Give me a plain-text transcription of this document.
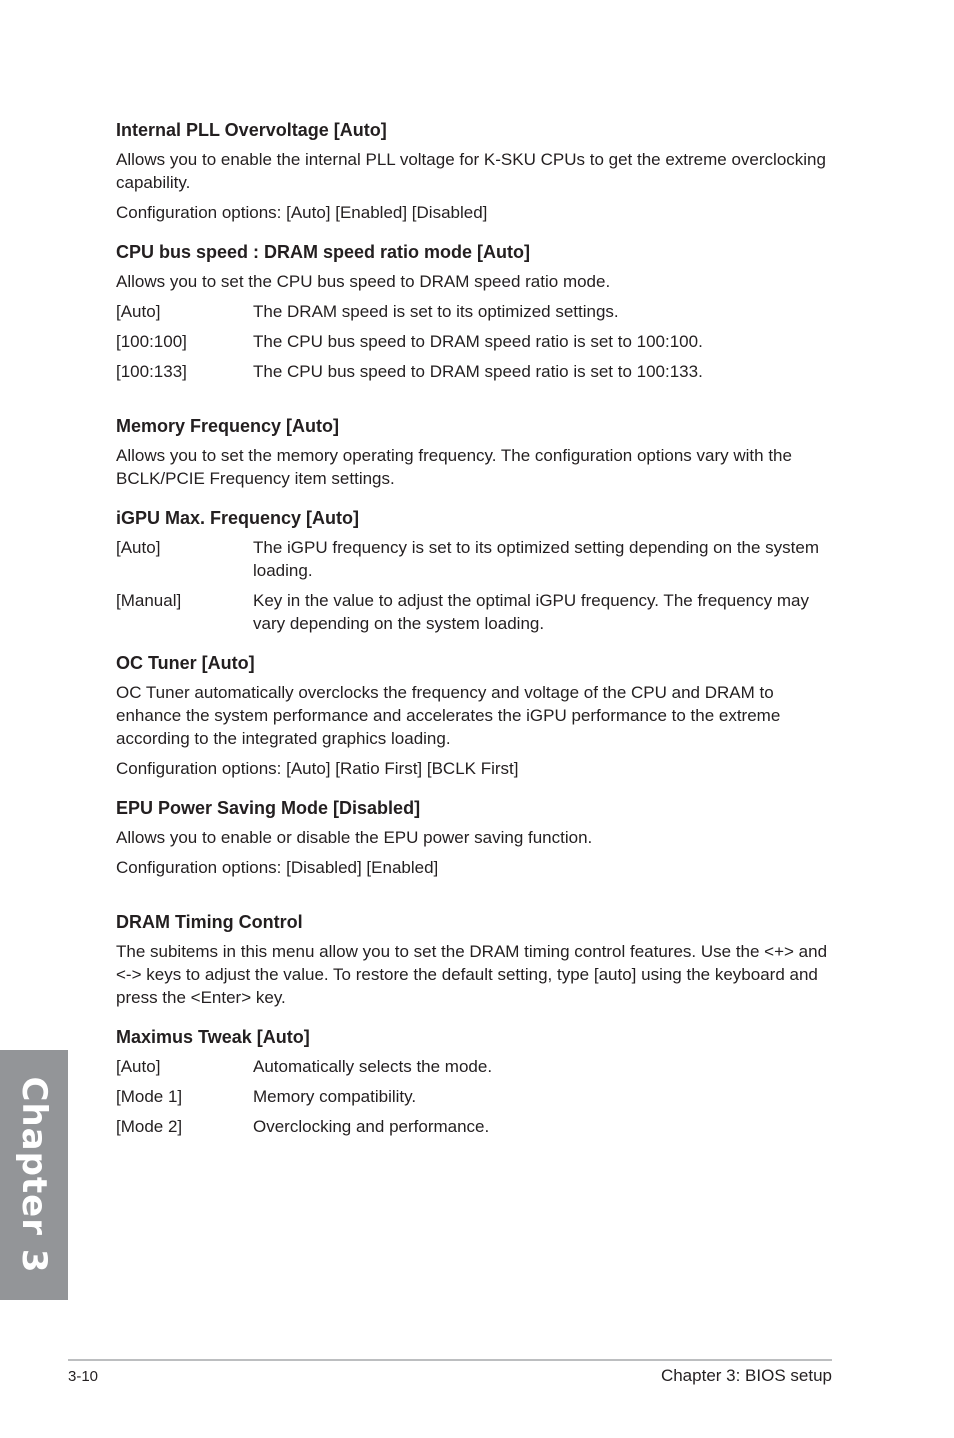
Internal PLL Overvoltage [Auto]
Allows you to enable the internal PLL voltage for K-SKU CPUs to get the extreme overclocking capability.
Configuration options: [Auto] [Enabled] [Disabled]
CPU bus speed : DRAM speed ratio mode [Auto]
Allows you to set the CPU bus speed to DRAM speed ratio mode.
[Auto]	The DRAM speed is set to its optimized settings.
[100:100]	The CPU bus speed to DRAM speed ratio is set to 100:100.
[100:133]	The CPU bus speed to DRAM speed ratio is set to 100:133.
Memory Frequency [Auto]
Allows you to set the memory operating frequency. The configuration options vary with the BCLK/PCIE Frequency item settings.
iGPU Max. Frequency [Auto]
[Auto]	The iGPU frequency is set to its optimized setting depending on the system loading.
[Manual]	Key in the value to adjust the optimal iGPU frequency. The frequency may vary depending on the system loading.
OC Tuner [Auto]
OC Tuner automatically overclocks the frequency and voltage of the CPU and DRAM to enhance the system performance and accelerates the iGPU performance to the extreme according to the integrated graphics loading.
Configuration options: [Auto] [Ratio First] [BCLK First]
EPU Power Saving Mode [Disabled]
Allows you to enable or disable the EPU power saving function.
Configuration options: [Disabled] [Enabled]
DRAM Timing Control
The subitems in this menu allow you to set the DRAM timing control features. Use the <+> and <-> keys to adjust the value. To restore the default setting, type [auto] using the keyboard and press the <Enter> key.
Maximus Tweak [Auto]
[Auto]	Automatically selects the mode.
[Mode 1]	Memory compatibility.
[Mode 2]	Overclocking and performance.
Chapter 3
3-10	Chapter 3: BIOS setup
